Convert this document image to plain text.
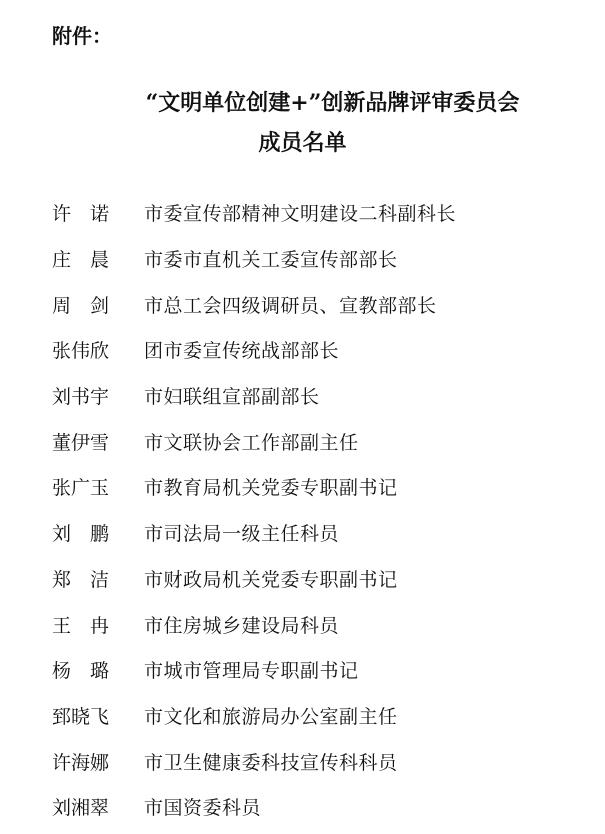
附件：
“文明单位创建+”创新品牌评审委员会
成员名单
许　诺	市委宣传部精神文明建设二科副科长
庄　晨	市委市直机关工委宣传部部长
周　剑	市总工会四级调研员、宣教部部长
张伟欣	团市委宣传统战部部长
刘书宇	市妇联组宣部副部长
董伊雪	市文联协会工作部副主任
张广玉	市教育局机关党委专职副书记
刘　鹏	市司法局一级主任科员
郑　洁	市财政局机关党委专职副书记
王　冉	市住房城乡建设局科员
杨　璐	市城市管理局专职副书记
郅晓飞	市文化和旅游局办公室副主任
许海娜	市卫生健康委科技宣传科科员
刘湘翠	市国资委科员
